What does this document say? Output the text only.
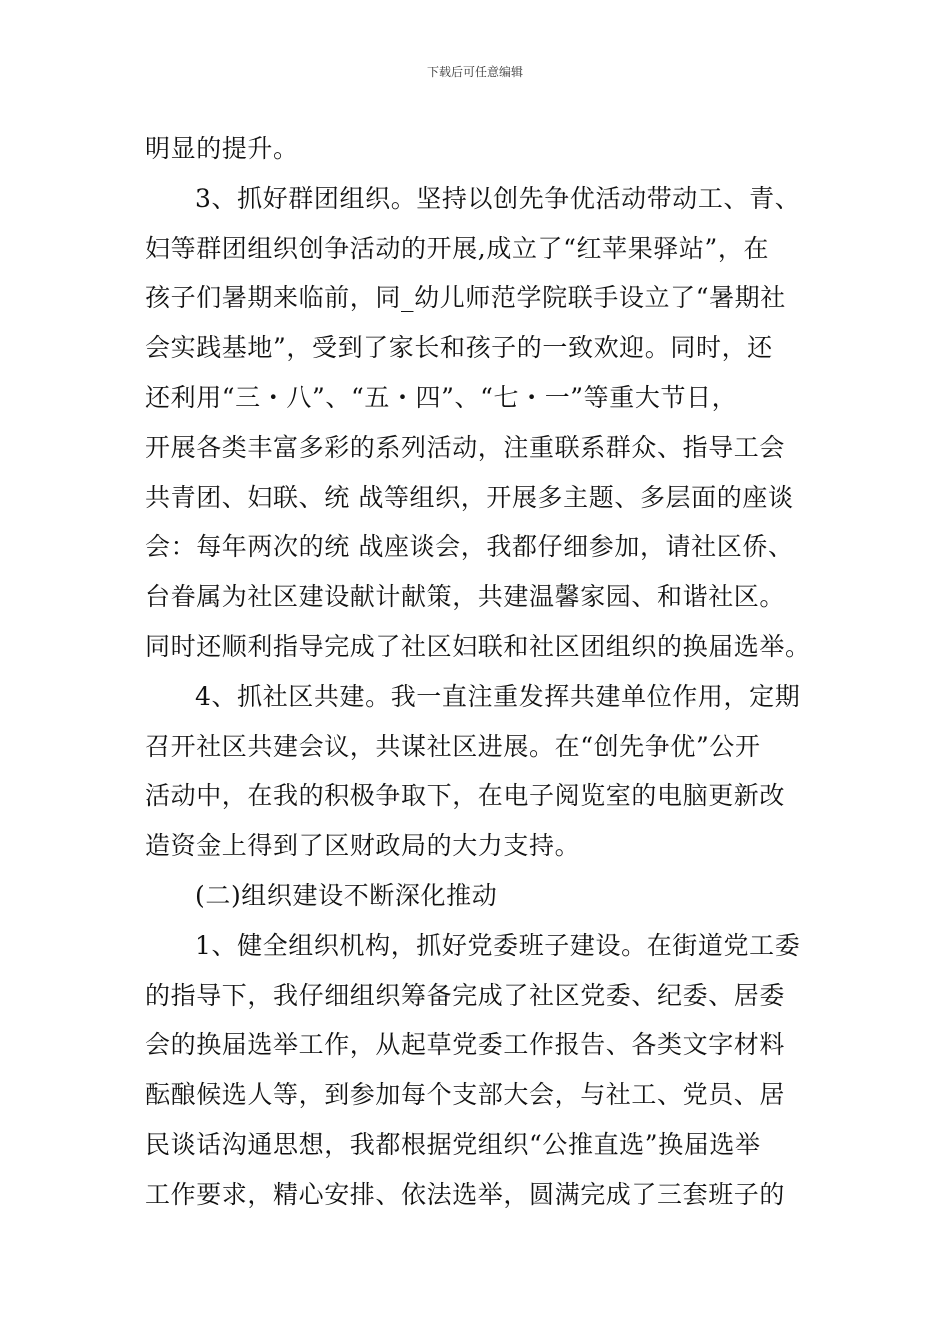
下载后可任意编辑
明显的提升。
3、抓好群团组织。坚持以创先争优活动带动工、青、
妇等群团组织创争活动的开展,成立了“红苹果驿站”，在
孩子们暑期来临前，同_幼儿师范学院联手设立了“暑期社
会实践基地”，受到了家长和孩子的一致欢迎。同时，还
还利用“三・八”、“五・四”、“七・一”等重大节日，
开展各类丰富多彩的系列活动，注重联系群众、指导工会
共青团、妇联、统 战等组织，开展多主题、多层面的座谈
会：每年两次的统 战座谈会，我都仔细参加，请社区侨、
台眷属为社区建设献计献策，共建温馨家园、和谐社区。
同时还顺利指导完成了社区妇联和社区团组织的换届选举。
4、抓社区共建。我一直注重发挥共建单位作用，定期
召开社区共建会议，共谋社区进展。在“创先争优”公开
活动中，在我的积极争取下，在电子阅览室的电脑更新改
造资金上得到了区财政局的大力支持。
(二)组织建设不断深化推动
1、健全组织机构，抓好党委班子建设。在街道党工委
的指导下，我仔细组织筹备完成了社区党委、纪委、居委
会的换届选举工作，从起草党委工作报告、各类文字材料
酝酿候选人等，到参加每个支部大会，与社工、党员、居
民谈话沟通思想，我都根据党组织“公推直选”换届选举
工作要求，精心安排、依法选举，圆满完成了三套班子的
